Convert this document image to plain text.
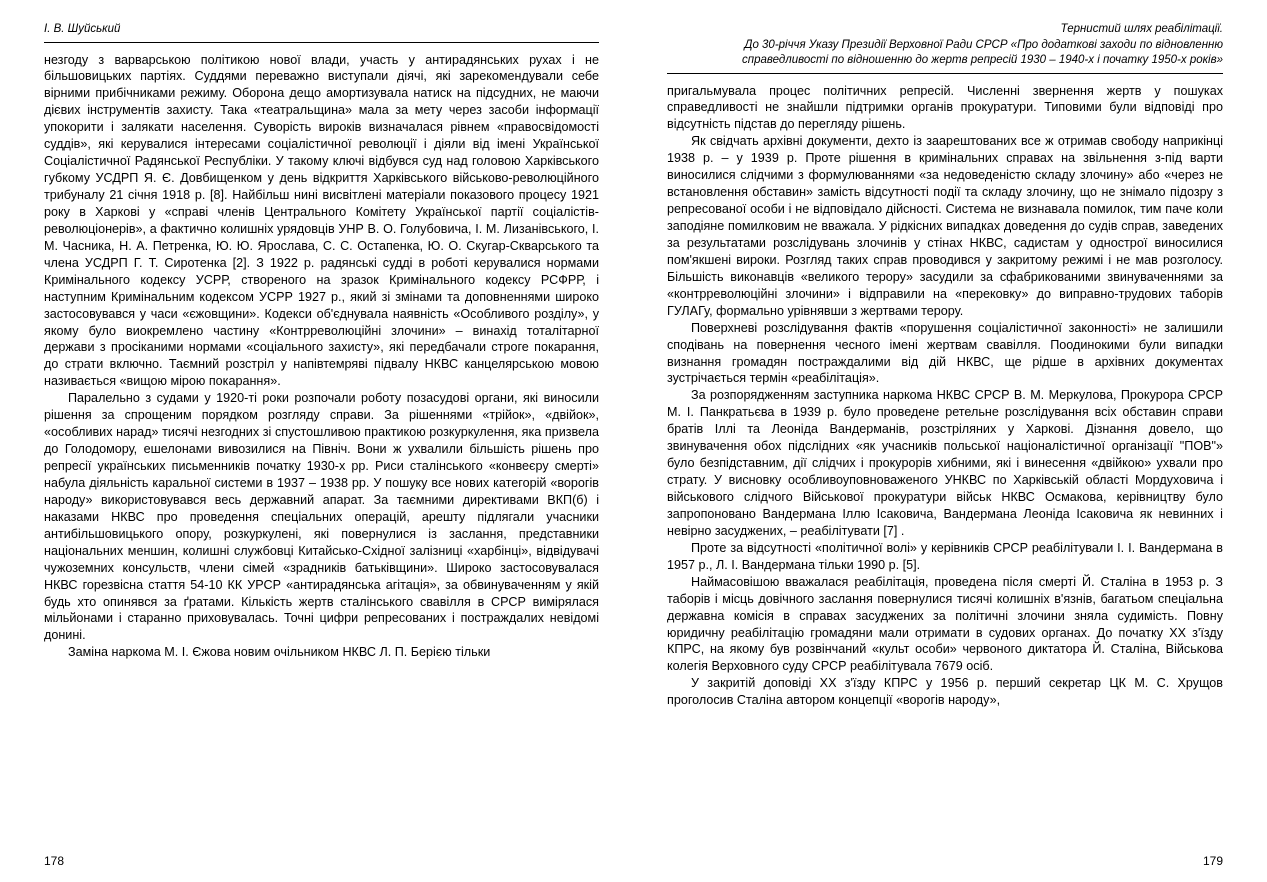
І. В. Шуйський

незгоду з варварською політикою нової влади, участь у антирадянських рухах і не більшовицьких партіях. Суддями переважно виступали діячі, які зарекомендували себе вірними прибічниками режиму. Оборона дещо амортизувала натиск на підсудних, не маючи дієвих інструментів захисту. Така «театральщина» мала за мету через засоби інформації упокорити і залякати населення. Суворість вироків визначалася рівнем «правосвідомості суддів», які керувалися інтересами соціалістичної революції і діяли від імені Української Соціалістичної Радянської Республіки. У такому ключі відбувся суд над головою Харківського губкому УСДРП Я. Є. Довбищенком у день відкриття Харківського військово-революційного трибуналу 21 січня 1918 р. [8]. Найбільш нині висвітлені матеріали показового процесу 1921 року в Харкові у «справі членів Центрального Комітету Української партії соціалістів-революціонерів», а фактично колишніх урядовців УНР В. О. Голубовича, І. М. Лизанівського, І. М. Часника, Н. А. Петренка, Ю. Ю. Ярослава, С. С. Остапенка, Ю. О. Скугар-Скварського та члена УСДРП Г. Т. Сиротенка [2]. З 1922 р. радянські судді в роботі керувалися нормами Кримінального кодексу УСРР, створеного на зразок Кримінального кодексу РСФРР, і наступним Кримінальним кодексом УСРР 1927 р., який зі змінами та доповненнями широко застосовувався у часи «єжовщини». Кодекси об'єднувала наявність «Особливого розділу», у якому було виокремлено частину «Контрреволюційні злочини» – винахід тоталітарної держави з просіканими нормами «соціального захисту», які передбачали строге покарання, до страти включно. Таємний розстріл у напівтемряві підвалу НКВС канцелярською мовою називається «вищою мірою покарання».

Паралельно з судами у 1920-ті роки розпочали роботу позасудові органи, які виносили рішення за спрощеним порядком розгляду справи. За рішеннями «трійок», «двійок», «особливих нарад» тисячі незгодних зі спустошливою практикою розкуркулення, яка призвела до Голодомору, ешелонами вивозилися на Північ. Вони ж ухвалили більшість рішень про репресії українських письменників початку 1930-х рр. Риси сталінського «конвеєру смерті» набула діяльність каральної системи в 1937 – 1938 рр. У пошуку все нових категорій «ворогів народу» використовувався весь державний апарат. За таємними директивами ВКП(б) і наказами НКВС про проведення спеціальних операцій, арешту підлягали учасники антибільшовицького опору, розкуркулені, які повернулися із заслання, представники національних меншин, колишні службовці Китайсько-Східної залізниці «харбінці», відвідувачі чужоземних консульств, члени сімей «зрадників батьківщини». Широко застосовувалася НКВС горезвісна стаття 54-10 КК УРСР «антирадянська агітація», за обвинуваченням у якій будь хто опинявся за ґратами. Кількість жертв сталінського свавілля в СРСР вимірялася мільйонами і старанно приховувалась. Точні цифри репресованих і постраждалих невідомі донині.

Заміна наркома М. І. Єжова новим очільником НКВС Л. П. Берією тільки

178
Тернистий шлях реабілітації.
До 30-річчя Указу Президії Верховної Ради СРСР «Про додаткові заходи по відновленню
справедливості по відношенню до жертв репресій 1930 – 1940-х і початку 1950-х років»

пригальмувала процес політичних репресій. Численні звернення жертв у пошуках справедливості не знайшли підтримки органів прокуратури. Типовими були відповіді про відсутність підстав до перегляду рішень.

Як свідчать архівні документи, дехто із заарештованих все ж отримав свободу наприкінці 1938 р. – у 1939 р. Проте рішення в кримінальних справах на звільнення з-під варти виносилися слідчими з формулюваннями «за недоведеністю складу злочину» або «через не встановлення обставин» замість відсутності події та складу злочину, що не знімало підозру з репресованої особи і не відповідало дійсності. Система не визнавала помилок, тим паче коли заподіяне помилковим не вважала. У рідкісних випадках доведення до судів справ, заведених за результатами розслідувань злочинів у стінах НКВС, садистам у однострої виносилися пом'якшені вироки. Розгляд таких справ проводився у закритому режимі і не мав розголосу. Більшість виконавців «великого терору» засудили за сфабрикованими звинуваченнями за «контрреволюційні злочини» і відправили на «перековку» до виправно-трудових таборів ГУЛАГу, формально урівнявши з жертвами терору.

Поверхневі розслідування фактів «порушення соціалістичної законності» не залишили сподівань на повернення чесного імені жертвам свавілля. Поодинокими були випадки визнання громадян постраждалими від дій НКВС, ще рідше в архівних документах зустрічається термін «реабілітація».

За розпорядженням заступника наркома НКВС СРСР В. М. Меркулова, Прокурора СРСР М. І. Панкратьєва в 1939 р. було проведене ретельне розслідування всіх обставин справи братів Іллі та Леоніда Вандерманів, розстріляних у Харкові. Дізнання довело, що звинувачення обох підслідних «як учасників польської націоналістичної організації "ПОВ"» було безпідставним, дії слідчих і прокурорів хибними, які і винесення «двійкою» ухвали про страту. У висновку особливоуповноваженого УНКВС по Харківській області Мордуховича і військового слідчого Військової прокуратури військ НКВС Осмакова, керівництву було запропоновано Вандермана Іллю Ісаковича, Вандермана Леоніда Ісаковича як невинних і невірно засуджених, – реабілітувати [7] .

Проте за відсутності «політичної волі» у керівників СРСР реабілітували І. І. Вандермана в 1957 р., Л. І. Вандермана тільки 1990 р. [5].

Наймасовішою вважалася реабілітація, проведена після смерті Й. Сталіна в 1953 р. З таборів і місць довічного заслання повернулися тисячі колишніх в'язнів, багатьом спеціальна державна комісія в справах засуджених за політичні злочини зняла судимість. Повну юридичну реабілітацію громадяни мали отримати в судових органах. До початку ХХ з'їзду КПРС, на якому був розвінчаний «культ особи» червоного диктатора Й. Сталіна, Військова колегія Верховного суду СРСР реабілітувала 7679 осіб.

У закритій доповіді ХХ з'їзду КПРС у 1956 р. перший секретар ЦК М. С. Хрущов проголосив Сталіна автором концепції «ворогів народу»,

179
